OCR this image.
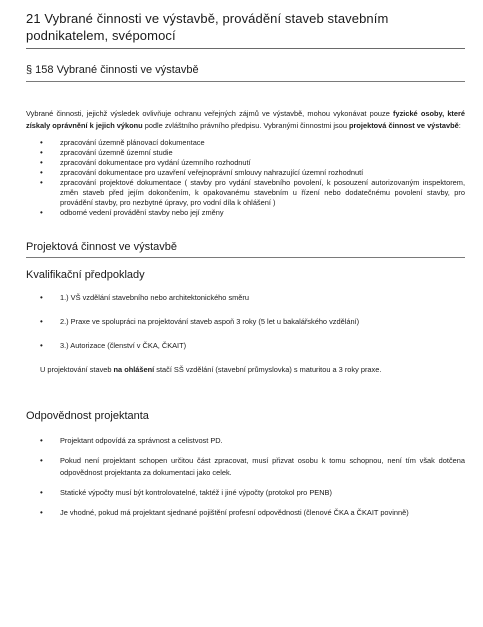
21 Vybrané činnosti ve výstavbě, provádění staveb stavebním podnikatelem, svépomocí
§ 158 Vybrané činnosti ve výstavbě

Vybrané činnosti, jejichž výsledek ovlivňuje ochranu veřejných zájmů ve výstavbě, mohou vykonávat pouze fyzické osoby, které získaly oprávnění k jejich výkonu podle zvláštního právního předpisu. Vybranými činnostmi jsou projektová činnost ve výstavbě:

• zpracování územně plánovací dokumentace
• zpracování územně územní studie
• zpracování dokumentace pro vydání územního rozhodnutí
• zpracování dokumentace pro uzavření veřejnoprávní smlouvy nahrazující územní rozhodnutí
• zpracování projektové dokumentace ( stavby pro vydání stavebního povolení, k posouzení autorizovaným inspektorem, změn staveb před jejím dokončením, k opakovanému stavebním u řízení nebo dodatečnému povolení stavby, pro provádění stavby, pro nezbytné úpravy, pro vodní díla k ohlášení )
• odborné vedení provádění stavby nebo její změny
Projektová činnost ve výstavbě
Kvalifikační předpoklady
• 1.) VŠ vzdělání stavebního nebo architektonického směru
• 2.) Praxe ve spolupráci na projektování staveb aspoň 3 roky (5 let u bakalářského vzdělání)
• 3.) Autorizace (členství v ČKA, ČKAIT)

U projektování staveb na ohlášení stačí SŠ vzdělání (stavební průmyslovka) s maturitou a 3 roky praxe.

Odpovědnost projektanta
• Projektant odpovídá za správnost a celistvost PD.
• Pokud není projektant schopen určitou část zpracovat, musí přizvat osobu k tomu schopnou, není tím však dotčena odpovědnost projektanta za dokumentaci jako celek.
• Statické výpočty musí být kontrolovatelné, taktéž i jiné výpočty (protokol pro PENB)
• Je vhodné, pokud má projektant sjednané pojištění profesní odpovědnosti (členové ČKA a ČKAIT povinně)
